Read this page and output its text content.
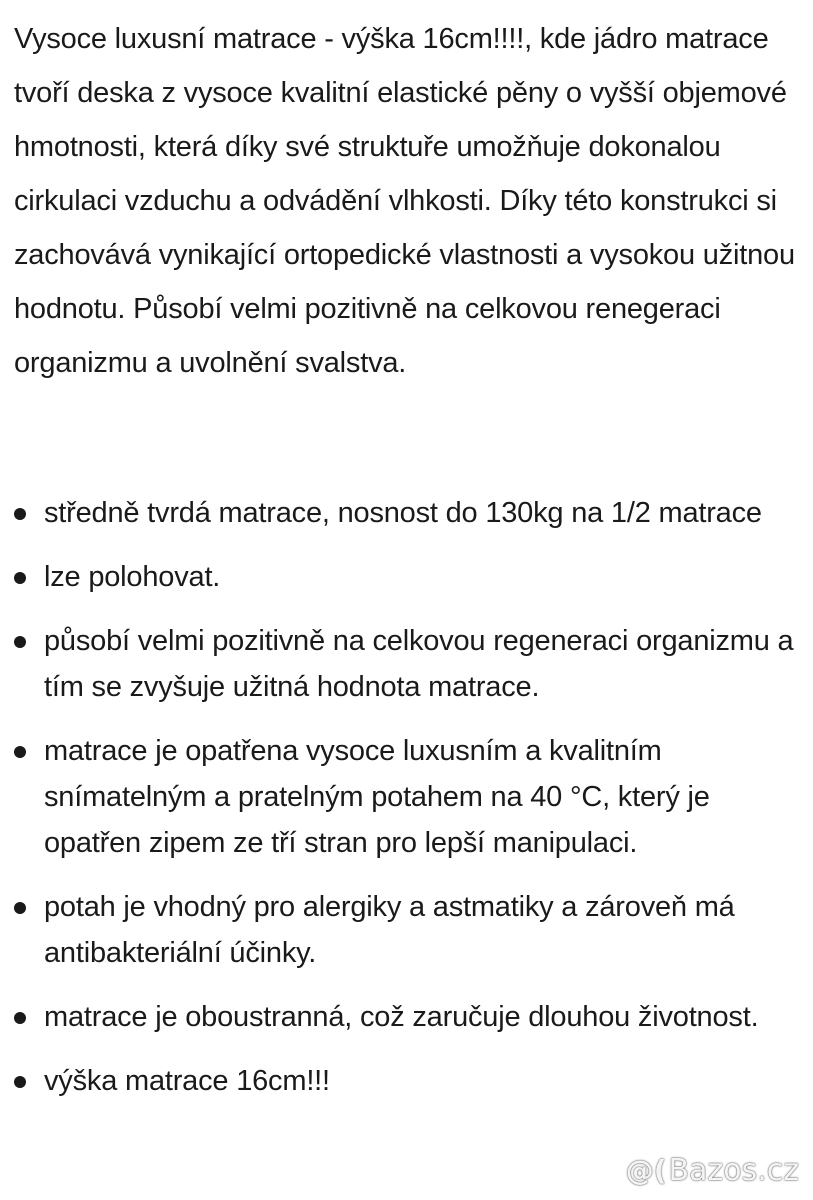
Vysoce luxusní matrace - výška 16cm!!!!, kde jádro matrace tvoří deska z vysoce kvalitní elastické pěny o vyšší objemové hmotnosti, která díky své struktuře umožňuje dokonalou cirkulaci vzduchu a odvádění vlhkosti. Díky této konstrukci si zachovává vynikající ortopedické vlastnosti a vysokou užitnou hodnotu. Působí velmi pozitivně na celkovou renegeraci organizmu a uvolnění svalstva.

středně tvrdá matrace, nosnost do 130kg na 1/2 matrace
lze polohovat.
působí velmi pozitivně na celkovou regeneraci organizmu a tím se zvyšuje užitná hodnota matrace.
matrace je opatřena vysoce luxusním a kvalitním snímatelným a pratelným potahem na 40 °C, který je opatřen zipem ze tří stran pro lepší manipulaci.
potah je vhodný pro alergiky a astmatiky a zároveň má antibakteriální účinky.
matrace je oboustranná, což zaručuje dlouhou životnost.
výška matrace 16cm!!!
@( Bazos.cz
